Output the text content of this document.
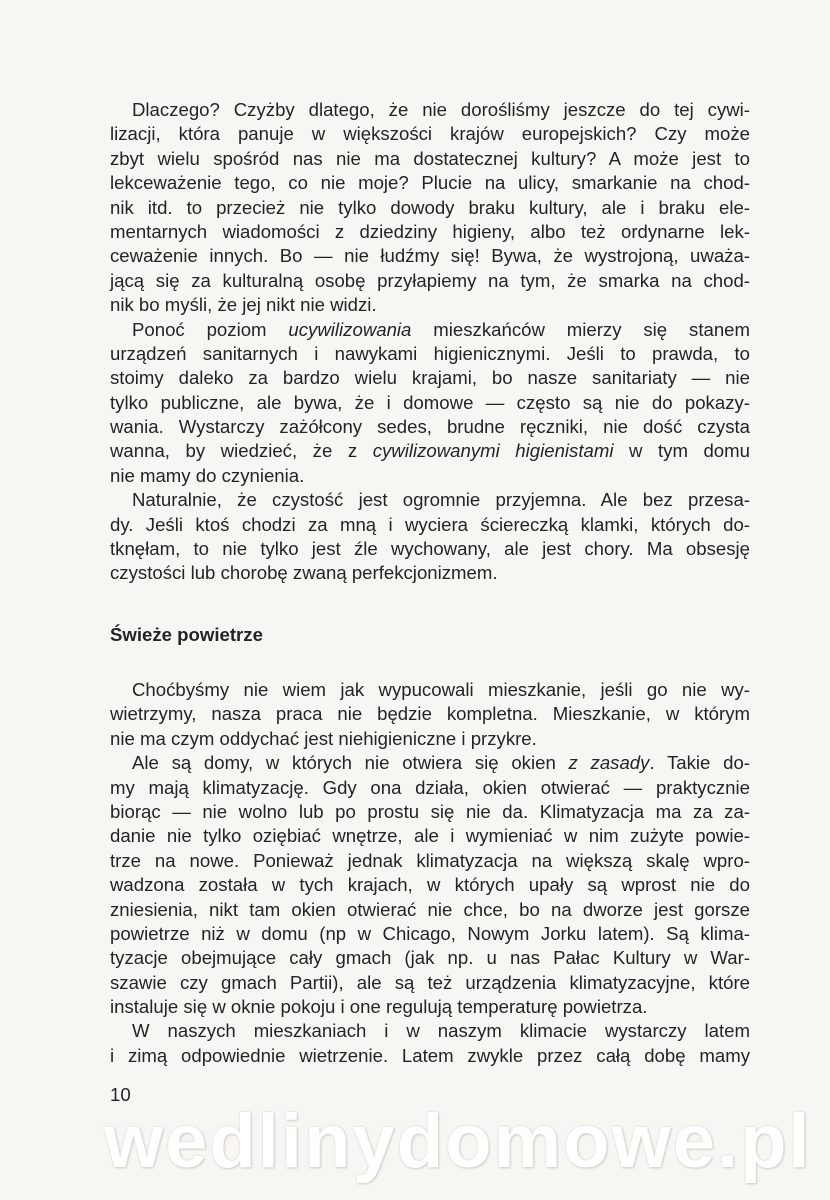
Dlaczego? Czyżby dlatego, że nie dorośliśmy jeszcze do tej cywi-
lizacji, która panuje w większości krajów europejskich? Czy może
zbyt wielu spośród nas nie ma dostatecznej kultury? A może jest to
lekceważenie tego, co nie moje? Plucie na ulicy, smarkanie na chod-
nik itd. to przecież nie tylko dowody braku kultury, ale i braku ele-
mentarnych wiadomości z dziedziny higieny, albo też ordynarne lek-
ceważenie innych. Bo — nie łudźmy się! Bywa, że wystrojoną, uważa-
jącą się za kulturalną osobę przyłapiemy na tym, że smarka na chod-
nik bo myśli, że jej nikt nie widzi.
Ponoć poziom ucywilizowania mieszkańców mierzy się stanem
urządzeń sanitarnych i nawykami higienicznymi. Jeśli to prawda, to
stoimy daleko za bardzo wielu krajami, bo nasze sanitariaty — nie
tylko publiczne, ale bywa, że i domowe — często są nie do pokazy-
wania. Wystarczy zażółcony sedes, brudne ręczniki, nie dość czysta
wanna, by wiedzieć, że z cywilizowanymi higienistami w tym domu
nie mamy do czynienia.
Naturalnie, że czystość jest ogromnie przyjemna. Ale bez przesa-
dy. Jeśli ktoś chodzi za mną i wyciera ściereczką klamki, których do-
tknęłam, to nie tylko jest źle wychowany, ale jest chory. Ma obsesję
czystości lub chorobę zwaną perfekcjonizmem.
Świeże powietrze
Choćbyśmy nie wiem jak wypucowali mieszkanie, jeśli go nie wy-
wietrzymy, nasza praca nie będzie kompletna. Mieszkanie, w którym
nie ma czym oddychać jest niehigieniczne i przykre.
Ale są domy, w których nie otwiera się okien z zasady. Takie do-
my mają klimatyzację. Gdy ona działa, okien otwierać — praktycznie
biorąc — nie wolno lub po prostu się nie da. Klimatyzacja ma za za-
danie nie tylko oziębiać wnętrze, ale i wymieniać w nim zużyte powie-
trze na nowe. Ponieważ jednak klimatyzacja na większą skalę wpro-
wadzona została w tych krajach, w których upały są wprost nie do
zniesienia, nikt tam okien otwierać nie chce, bo na dworze jest gorsze
powietrze niż w domu (np w Chicago, Nowym Jorku latem). Są klima-
tyzacje obejmujące cały gmach (jak np. u nas Pałac Kultury w War-
szawie czy gmach Partii), ale są też urządzenia klimatyzacyjne, które
instaluje się w oknie pokoju i one regulują temperaturę powietrza.
W naszych mieszkaniach i w naszym klimacie wystarczy latem
i zimą odpowiednie wietrzenie. Latem zwykle przez całą dobę mamy
10
wedlinydomowe.pl
